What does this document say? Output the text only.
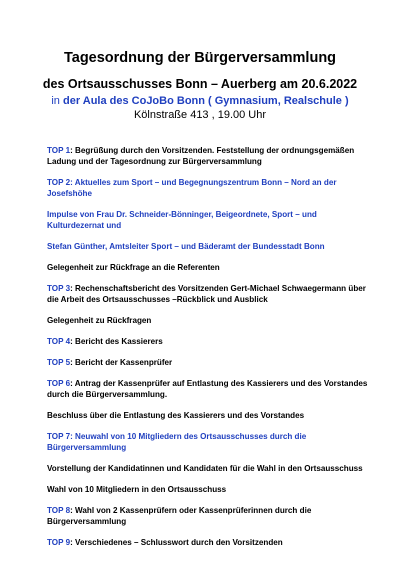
Tagesordnung der Bürgerversammlung
des Ortsausschusses Bonn – Auerberg am 20.6.2022
in der Aula des CoJoBo Bonn ( Gymnasium, Realschule )
Kölnstraße 413 , 19.00 Uhr

TOP 1: Begrüßung durch den Vorsitzenden. Feststellung der ordnungsgemäßen Ladung und der Tagesordnung zur Bürgerversammlung

TOP 2: Aktuelles zum Sport – und Begegnungszentrum Bonn – Nord an der Josefshöhe

Impulse von Frau Dr. Schneider-Bönninger, Beigeordnete, Sport – und Kulturdezernat und

Stefan Günther, Amtsleiter Sport – und Bäderamt der Bundesstadt Bonn

Gelegenheit zur Rückfrage an die Referenten

TOP 3: Rechenschaftsbericht des Vorsitzenden Gert-Michael Schwaegermann über die Arbeit des Ortsausschusses –Rückblick und Ausblick

Gelegenheit zu Rückfragen

TOP 4: Bericht des Kassierers

TOP 5: Bericht der Kassenprüfer

TOP 6: Antrag der Kassenprüfer auf Entlastung des Kassierers und des Vorstandes durch die Bürgerversammlung.

Beschluss über die Entlastung des Kassierers und des Vorstandes

TOP 7: Neuwahl von 10 Mitgliedern des Ortsausschusses durch die Bürgerversammlung

Vorstellung der Kandidatinnen und Kandidaten für die Wahl in den Ortsausschuss

Wahl von 10 Mitgliedern in den Ortsausschuss

TOP 8: Wahl von 2 Kassenprüfern oder Kassenprüferinnen durch die Bürgerversammlung

TOP 9: Verschiedenes – Schlusswort durch den Vorsitzenden
